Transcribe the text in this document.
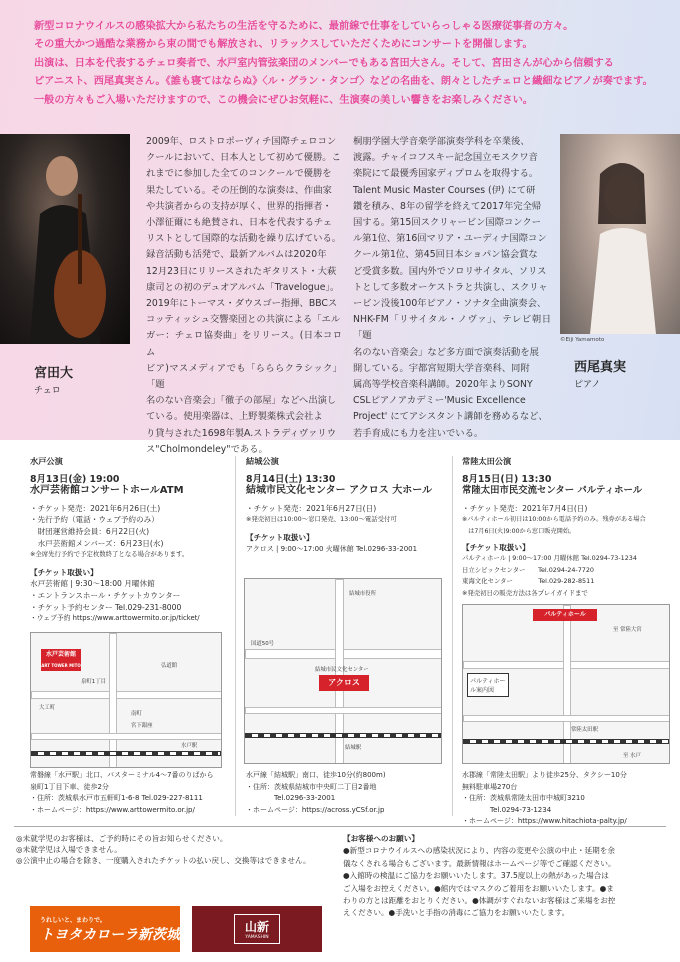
新型コロナウイルスの感染拡大から私たちの生活を守るために、最前線で仕事をしていらっしゃる医療従事者の方々。

その重大かつ過酷な業務から束の間でも解放され、リラックスしていただくためにコンサートを開催します。

出演は、日本を代表するチェロ奏者で、水戸室内管弦楽団のメンバーでもある宮田大さん。そして、宮田さんが心から信頼する

ピアニスト、西尾真実さん。《誰も寝てはならぬ》〈ル・グラン・タンゴ〉などの名曲を、朗々としたチェロと繊細なピアノが奏でます。

一般の方々もご入場いただけますので、この機会にぜひお気軽に、生演奏の美しい響きをお楽しみください。

宮田大

チェロ

2009年、ロストロポーヴィチ国際チェロコン

クールにおいて、日本人として初めて優勝。こ

れまでに参加した全てのコンクールで優勝を

果たしている。その圧倒的な演奏は、作曲家

や共演者からの支持が厚く、世界的指揮者・

小澤征爾にも絶賛され、日本を代表するチェ

リストとして国際的な活動を繰り広げている。

録音活動も活発で、最新アルバムは2020年

12月23日にリリースされたギタリスト・大萩

康司との初のデュオアルバム「Travelogue」。

2019年にトーマス・ダウスゴー指揮、BBCス

コッティッシュ交響楽団との共演による「エル

ガー：チェロ協奏曲」をリリース。(日本コロム

ビア)マスメディアでも「らららクラシック」「題

名のない音楽会」「徹子の部屋」などへ出演し

ている。使用楽器は、上野製薬株式会社よ

り貸与された1698年製A.ストラディヴァリウ

ス"Cholmondeley"である。

桐朋学園大学音楽学部演奏学科を卒業後、

渡露。チャイコフスキー記念国立モスクワ音

楽院にて最優秀国家ディプロムを取得する。

Talent Music Master Courses (伊) にて研

鑽を積み、8年の留学を終えて2017年完全帰

国する。第15回スクリャービン国際コンクー

ル第1位、第16回マリア・ユーディナ国際コン

クール第1位、第45回日本ショパン協会賞な

ど受賞多数。国内外でソロリサイタル、ソリス

トとして多数オーケストラと共演し、スクリャ

ービン没後100年ピアノ・ソナタ全曲演奏会、

NHK-FM「リサイタル・ノヴァ」、テレビ朝日「題

名のない音楽会」など多方面で演奏活動を展

開している。宇都宮短期大学音楽科、同附

属高等学校音楽科講師。2020年よりSONY

CSLピアノアカデミー'Music Excellence

Project' にてアシスタント講師を務めるなど、

若手育成にも力を注いでいる。

©Eiji Yamamoto

西尾真実

ピアノ

水戸公演

8月13日(金) 19:00

水戸芸術館コンサートホールATM

・チケット発売：2021年6月26日(土)

・先行予約（電話・ウェブ予約のみ）

　財団運営維持会員：6月22日(火)

　水戸芸術館メンバーズ：6月23日(水)

※全席先行予約で予定枚数終了となる場合があります。

【チケット取扱い】

水戸芸術館 | 9:30～18:00 月曜休館

・エントランスホール・チケットカウンター

・チケット予約センター Tel.029-231-8000

・ウェブ予約 https://www.arttowermito.or.jp/ticket/

水戸芸術館
ART TOWER MITO
泉町1丁目
大工町
弘道館
水戸駅
南町
宮下銀座

常磐線「水戸駅」北口、バスターミナル4～7番のりばから

泉町1丁目下車、徒歩2分

・住所：茨城県水戸市五軒町1-6-8 Tel.029-227-8111

・ホームページ：https://www.arttowermito.or.jp/

結城公演

8月14日(土) 13:30

結城市民文化センター アクロス 大ホール

・チケット発売：2021年6月27日(日)

※発売初日は10:00～窓口発売、13:00～電話受付可

【チケット取扱い】

アクロス | 9:00～17:00 火曜休館 Tel.0296-33-2001

アクロス
結城市民文化センター
結城駅
国道50号
結城市役所

水戸線「結城駅」南口、徒歩10分(約800m)

・住所：茨城県結城市中央町二丁目2番地

　　　　Tel.0296-33-2001

・ホームページ：https://across.yCSf.or.jp

常陸太田公演

8月15日(日) 13:30

常陸太田市民交流センター パルティホール

・チケット発売：2021年7月4日(日)

※パルティホール初日は10:00から電話予約のみ。残券がある場合

　は7月6日(火)9:00から窓口販売開始。

【チケット取扱い】

パルティホール | 9:00～17:00 月曜休館 Tel.0294-73-1234

日立シビックセンター　　Tel.0294-24-7720

東海文化センター　　　　Tel.029-282-8511

※発売初日の販売方法は各プレイガイドまで

パルティホール
常陸太田駅
パルティホール案内図
至 常陸大宮
至 水戸

水郡線「常陸太田駅」より徒歩25分、タクシー10分

無料駐車場270台

・住所：茨城県常陸太田市中城町3210

　　　　Tel.0294-73-1234

・ホームページ：https://www.hitachiota-palty.jp/

◎未就学児のお客様は、ご予約時にその旨お知らせください。

◎未就学児は入場できません。

◎公演中止の場合を除き、一度購入されたチケットの払い戻し、交換等はできません。

【お客様へのお願い】

●新型コロナウイルスへの感染状況により、内容の変更や公演の中止・延期を余

儀なくされる場合もございます。最新情報はホームページ等でご確認ください。

●入館時の検温にご協力をお願いいたします。37.5度以上の熱があった場合は

ご入場をお控えください。●館内ではマスクのご着用をお願いいたします。●ま

わりの方とは距離をおとりください。●体調がすぐれないお客様はご来場をお控

えください。●手洗いと手指の消毒にご協力をお願いいたします。

うれしいと、まわりで。
トヨタカローラ新茨城	山新
YAMASHIN
